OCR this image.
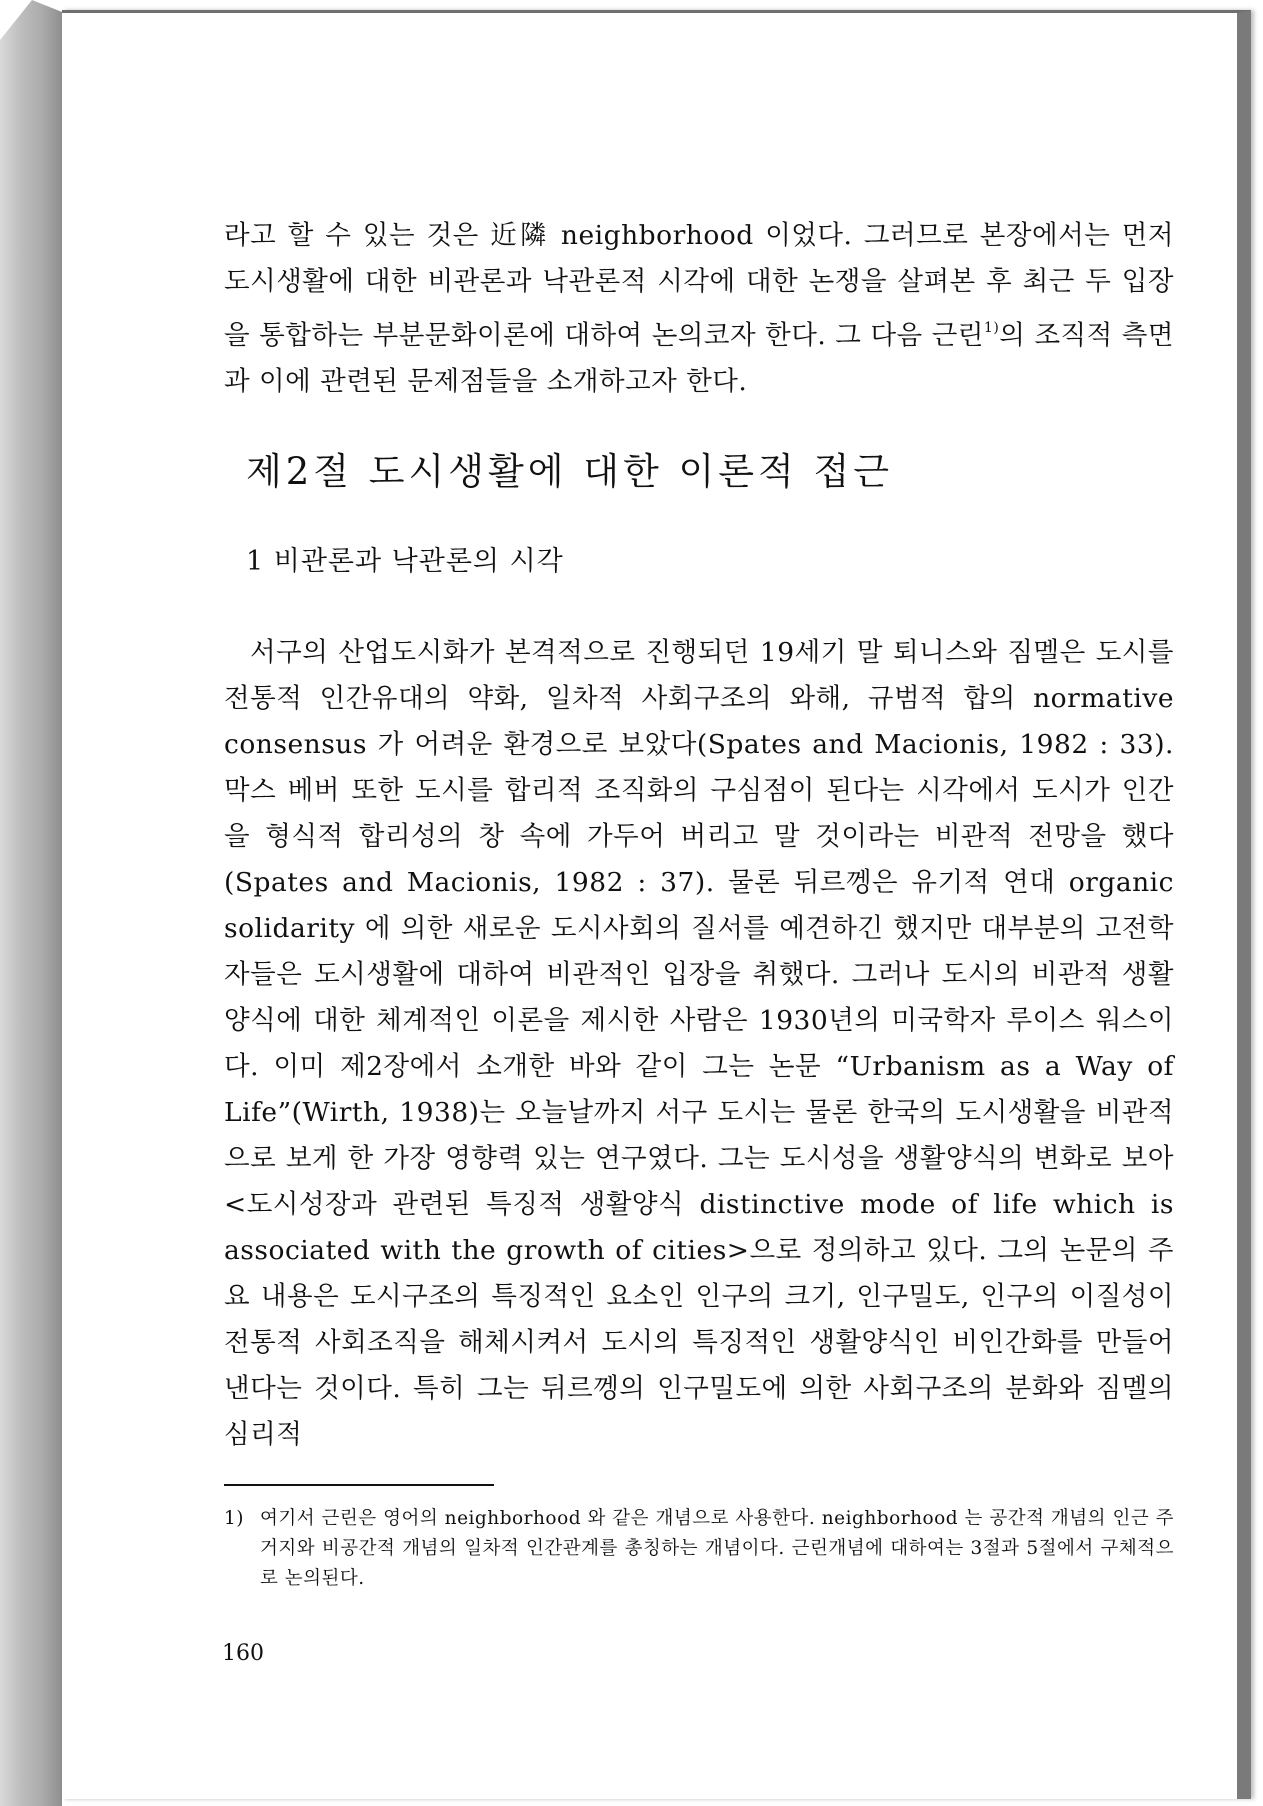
라고 할 수 있는 것은 近隣 neighborhood 이었다. 그러므로 본장에서는 먼저 도시생활에 대한 비관론과 낙관론적 시각에 대한 논쟁을 살펴본 후 최근 두 입장을 통합하는 부분문화이론에 대하여 논의코자 한다. 그 다음 근린$^{1)}$의 조직적 측면과 이에 관련된 문제점들을 소개하고자 한다.

제2절 도시생활에 대한 이론적 접근
1 비관론과 낙관론의 시각

서구의 산업도시화가 본격적으로 진행되던 19세기 말 퇴니스와 짐멜은 도시를 전통적 인간유대의 약화, 일차적 사회구조의 와해, 규범적 합의 normative consensus 가 어려운 환경으로 보았다(Spates and Macionis, 1982 : 33). 막스 베버 또한 도시를 합리적 조직화의 구심점이 된다는 시각에서 도시가 인간을 형식적 합리성의 창 속에 가두어 버리고 말 것이라는 비관적 전망을 했다(Spates and Macionis, 1982 : 37). 물론 뒤르껭은 유기적 연대 organic solidarity 에 의한 새로운 도시사회의 질서를 예견하긴 했지만 대부분의 고전학자들은 도시생활에 대하여 비관적인 입장을 취했다. 그러나 도시의 비관적 생활양식에 대한 체계적인 이론을 제시한 사람은 1930년의 미국학자 루이스 워스이다. 이미 제2장에서 소개한 바와 같이 그는 논문 “Urbanism as a Way of Life”(Wirth, 1938)는 오늘날까지 서구 도시는 물론 한국의 도시생활을 비관적으로 보게 한 가장 영향력 있는 연구였다. 그는 도시성을 생활양식의 변화로 보아 <도시성장과 관련된 특징적 생활양식 distinctive mode of life which is associated with the growth of cities>으로 정의하고 있다. 그의 논문의 주요 내용은 도시구조의 특징적인 요소인 인구의 크기, 인구밀도, 인구의 이질성이 전통적 사회조직을 해체시켜서 도시의 특징적인 생활양식인 비인간화를 만들어 낸다는 것이다. 특히 그는 뒤르껭의 인구밀도에 의한 사회구조의 분화와 짐멜의 심리적

1) 여기서 근린은 영어의 neighborhood 와 같은 개념으로 사용한다. neighborhood 는 공간적 개념의 인근 주거지와 비공간적 개념의 일차적 인간관계를 총칭하는 개념이다. 근린개념에 대하여는 3절과 5절에서 구체적으로 논의된다.
160
